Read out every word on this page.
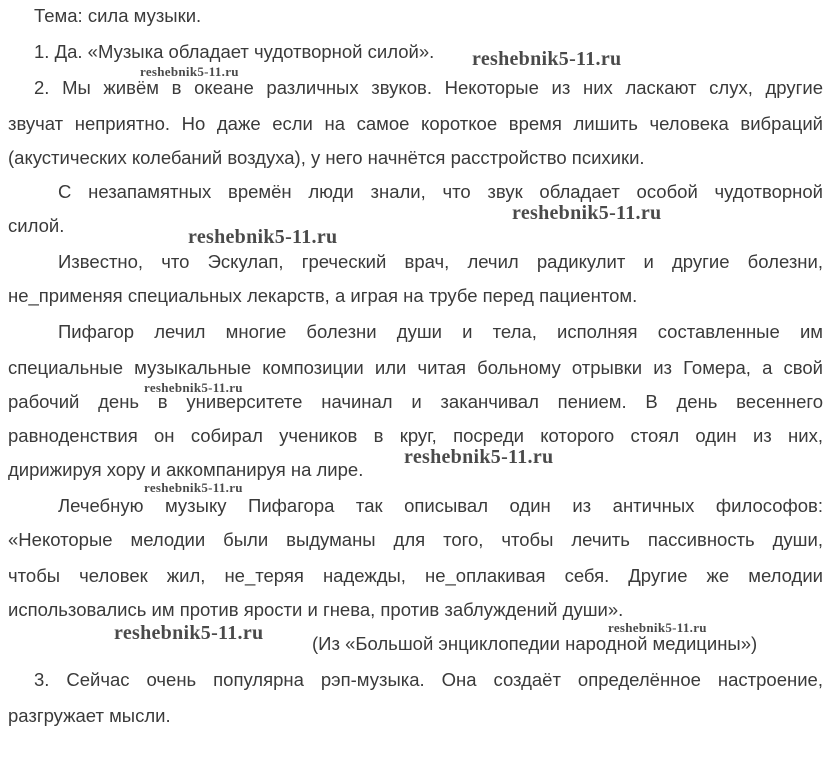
Тема: сила музыки.
1. Да. «Музыка обладает чудотворной силой».
2. Мы живём в океане различных звуков. Некоторые из них ласкают слух, другие
звучат неприятно. Но даже если на самое короткое время лишить человека вибраций
(акустических колебаний воздуха), у него начнётся расстройство психики.
С незапамятных времён люди знали, что звук обладает особой чудотворной
силой.
Известно, что Эскулап, греческий врач, лечил радикулит и другие болезни,
не_применяя специальных лекарств, а играя на трубе перед пациентом.
Пифагор лечил многие болезни души и тела, исполняя составленные им
специальные музыкальные композиции или читая больному отрывки из Гомера, а свой
рабочий день в университете начинал и заканчивал пением. В день весеннего
равноденствия он собирал учеников в круг, посреди которого стоял один из них,
дирижируя хору и аккомпанируя на лире.
Лечебную музыку Пифагора так описывал один из античных философов:
«Некоторые мелодии были выдуманы для того, чтобы лечить пассивность души,
чтобы человек жил, не_теряя надежды, не_оплакивая себя. Другие же мелодии
использовались им против ярости и гнева, против заблуждений души».
(Из «Большой энциклопедии народной медицины»)
3. Сейчас очень популярна рэп-музыка. Она создаёт определённое настроение,
разгружает мысли.
reshebnik5-11.ru
reshebnik5-11.ru
reshebnik5-11.ru
reshebnik5-11.ru
reshebnik5-11.ru
reshebnik5-11.ru
reshebnik5-11.ru
reshebnik5-11.ru	reshebnik5-11.ru
